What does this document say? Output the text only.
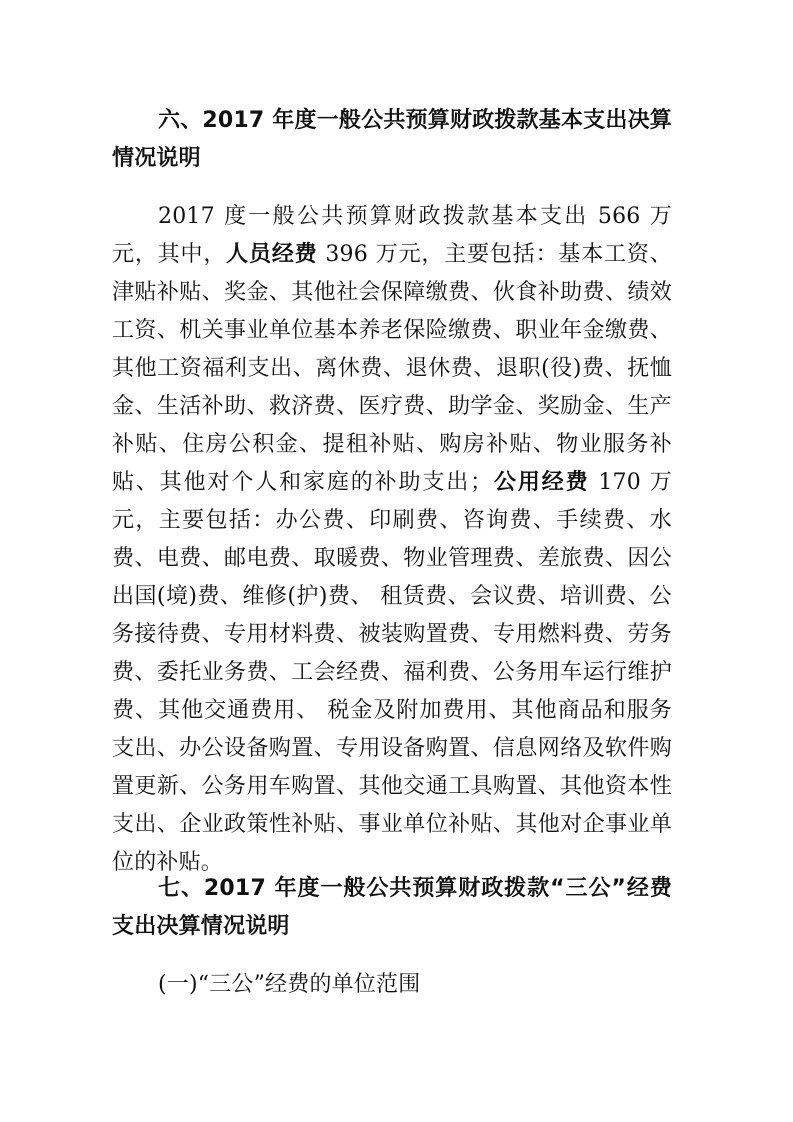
六、2017 年度一般公共预算财政拨款基本支出决算情况说明
2017 度一般公共预算财政拨款基本支出 566 万元，其中，人员经费 396 万元，主要包括：基本工资、津贴补贴、奖金、其他社会保障缴费、伙食补助费、绩效工资、机关事业单位基本养老保险缴费、职业年金缴费、其他工资福利支出、离休费、退休费、退职(役)费、抚恤金、生活补助、救济费、医疗费、助学金、奖励金、生产补贴、住房公积金、提租补贴、购房补贴、物业服务补贴、其他对个人和家庭的补助支出；公用经费 170 万元，主要包括：办公费、印刷费、咨询费、手续费、水费、电费、邮电费、取暖费、物业管理费、差旅费、因公出国(境)费、维修(护)费、 租赁费、会议费、培训费、公务接待费、专用材料费、被装购置费、专用燃料费、劳务费、委托业务费、工会经费、福利费、公务用车运行维护费、其他交通费用、 税金及附加费用、其他商品和服务支出、办公设备购置、专用设备购置、信息网络及软件购置更新、公务用车购置、其他交通工具购置、其他资本性支出、企业政策性补贴、事业单位补贴、其他对企事业单位的补贴。
七、2017 年度一般公共预算财政拨款“三公”经费支出决算情况说明
(一)“三公”经费的单位范围
